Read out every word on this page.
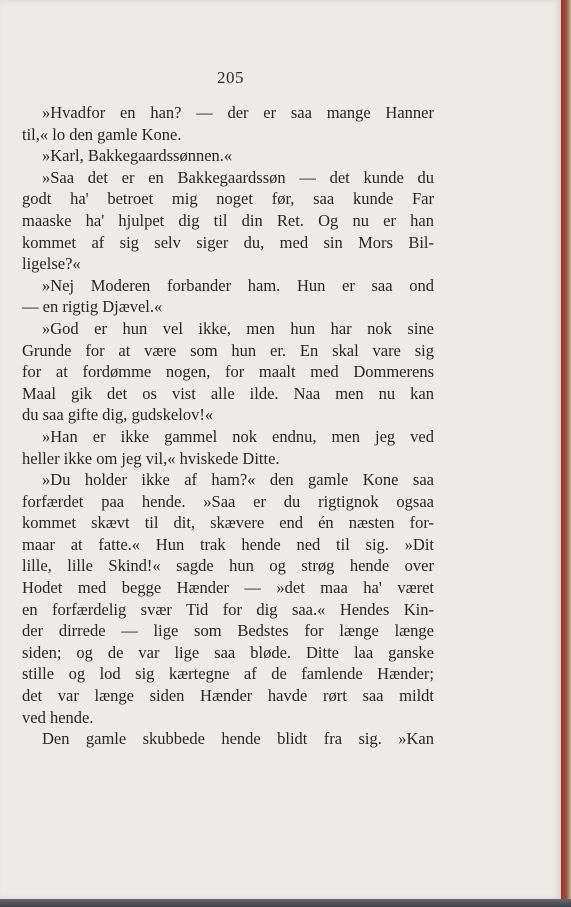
205
»Hvadfor en han? — der er saa mange Hanner
til,« lo den gamle Kone.
»Karl, Bakkegaardssønnen.«
»Saa det er en Bakkegaardssøn — det kunde du
godt ha' betroet mig noget før, saa kunde Far
maaske ha' hjulpet dig til din Ret. Og nu er han
kommet af sig selv siger du, med sin Mors Bil-
ligelse?«
»Nej Moderen forbander ham. Hun er saa ond
— en rigtig Djævel.«
»God er hun vel ikke, men hun har nok sine
Grunde for at være som hun er. En skal vare sig
for at fordømme nogen, for maalt med Dommerens
Maal gik det os vist alle ilde. Naa men nu kan
du saa gifte dig, gudskelov!«
»Han er ikke gammel nok endnu, men jeg ved
heller ikke om jeg vil,« hviskede Ditte.
»Du holder ikke af ham?« den gamle Kone saa
forfærdet paa hende. »Saa er du rigtignok ogsaa
kommet skævt til dit, skævere end én næsten for-
maar at fatte.« Hun trak hende ned til sig. »Dit
lille, lille Skind!« sagde hun og strøg hende over
Hodet med begge Hænder — »det maa ha' været
en forfærdelig svær Tid for dig saa.« Hendes Kin-
der dirrede — lige som Bedstes for længe længe
siden; og de var lige saa bløde. Ditte laa ganske
stille og lod sig kærtegne af de famlende Hænder;
det var længe siden Hænder havde rørt saa mildt
ved hende.
Den gamle skubbede hende blidt fra sig. »Kan
